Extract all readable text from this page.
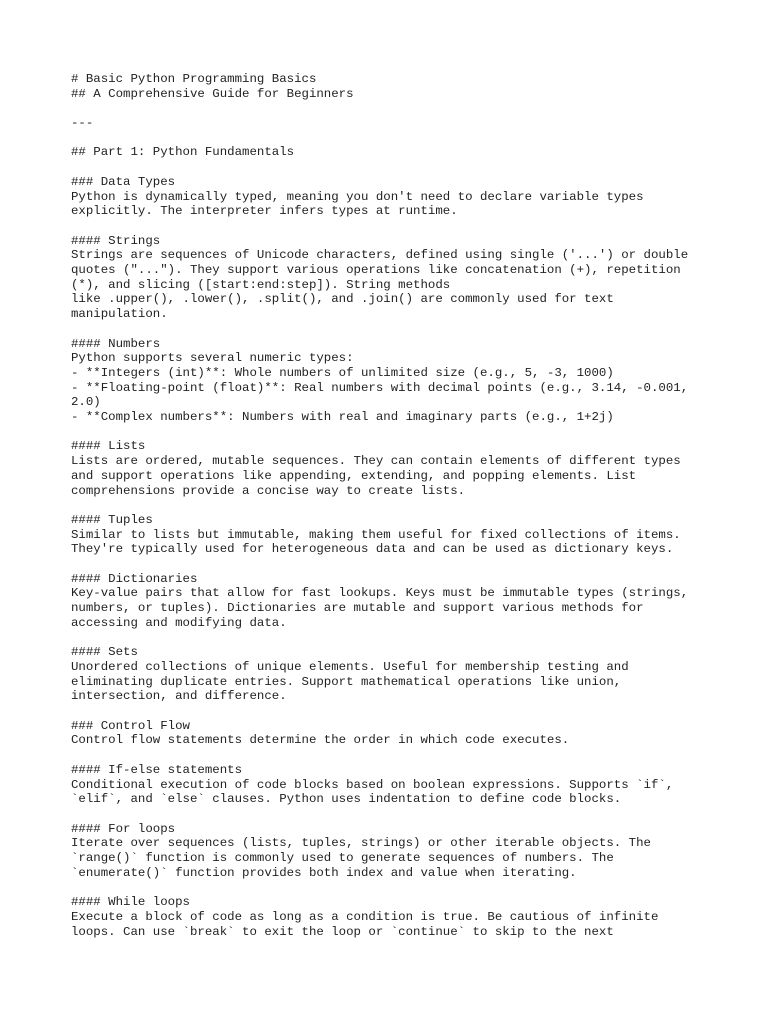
# Basic Python Programming Basics
## A Comprehensive Guide for Beginners
---
## Part 1: Python Fundamentals
### Data Types
Python is dynamically typed, meaning you don't need to declare variable types
explicitly. The interpreter infers types at runtime.
#### Strings
Strings are sequences of Unicode characters, defined using single ('...') or double
quotes ("..."). They support various operations like concatenation (+), repetition
(*), and slicing ([start:end:step]). String methods
like .upper(), .lower(), .split(), and .join() are commonly used for text
manipulation.
#### Numbers
Python supports several numeric types:
- **Integers (int)**: Whole numbers of unlimited size (e.g., 5, -3, 1000)
- **Floating-point (float)**: Real numbers with decimal points (e.g., 3.14, -0.001,
2.0)
- **Complex numbers**: Numbers with real and imaginary parts (e.g., 1+2j)
#### Lists
Lists are ordered, mutable sequences. They can contain elements of different types
and support operations like appending, extending, and popping elements. List
comprehensions provide a concise way to create lists.
#### Tuples
Similar to lists but immutable, making them useful for fixed collections of items.
They're typically used for heterogeneous data and can be used as dictionary keys.
#### Dictionaries
Key-value pairs that allow for fast lookups. Keys must be immutable types (strings,
numbers, or tuples). Dictionaries are mutable and support various methods for
accessing and modifying data.
#### Sets
Unordered collections of unique elements. Useful for membership testing and
eliminating duplicate entries. Support mathematical operations like union,
intersection, and difference.
### Control Flow
Control flow statements determine the order in which code executes.
#### If-else statements
Conditional execution of code blocks based on boolean expressions. Supports `if`,
`elif`, and `else` clauses. Python uses indentation to define code blocks.
#### For loops
Iterate over sequences (lists, tuples, strings) or other iterable objects. The
`range()` function is commonly used to generate sequences of numbers. The
`enumerate()` function provides both index and value when iterating.
#### While loops
Execute a block of code as long as a condition is true. Be cautious of infinite
loops. Can use `break` to exit the loop or `continue` to skip to the next
